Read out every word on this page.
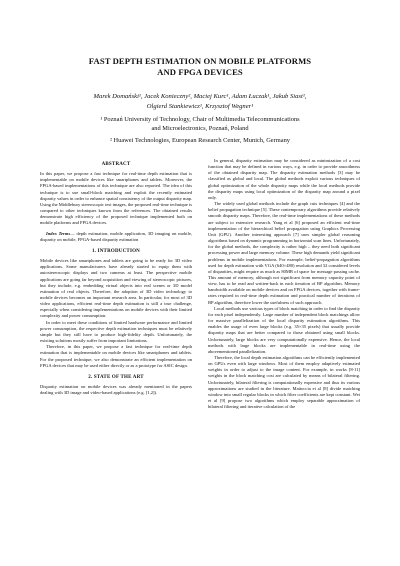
FAST DEPTH ESTIMATION ON MOBILE PLATFORMS
AND FPGA DEVICES
Marek Domański¹, Jacek Konieczny², Maciej Kurc¹, Adam Łuczak¹, Jakub Siast¹,
Olgierd Stankiewicz¹, Krzysztof Wegner¹
¹ Poznań University of Technology, Chair of Multimedia Telecommunications
and Microelectronics, Poznań, Poland
² Huawei Technologies, European Research Center, Munich, Germany
ABSTRACT

In this paper, we propose a fast technique for real-time depth estimation that is implementable on mobile devices like smartphones and tablets. Moreover, the FPGA-based implementations of this technique are also reported. The idea of this technique is to use small-block matching and exploit the recently estimated disparity values in order to enhance spatial consistency of the output disparity map. Using the Middlebury stereoscopic test images, the proposed real-time technique is compared to other techniques known from the references. The obtained results demonstrate high efficiency of the proposed technique implemented both on mobile platforms and FPGA devices.

Index Terms— depth estimation, mobile application, 3D imaging on mobile, disparity on mobile, FPGA-based disparity estimation

1. INTRODUCTION

Mobile devices like smartphones and tablets are going to be ready for 3D video applications. Some manufacturers have already started to equip them with autostereoscopic displays and two cameras at least. The perspective mobile applications are going far beyond acquisition and viewing of stereoscopic pictures, but they include, e.g. embedding virtual objects into real scenes or 3D model estimation of real objects. Therefore, the adoption of 3D video technology to mobile devices becomes an important research area. In particular, for most of 3D video applications, efficient real-time depth estimation is still a true challenge, especially when considering implementations on mobile devices with their limited complexity and power consumption.

In order to meet these conditions of limited hardware performance and limited power consumption, the respective depth estimation techniques must be relatively simple but they still have to produce high-fidelity depth. Unfortunately, the existing solutions mostly suffer from important limitations.

Therefore, in this paper, we propose a fast technique for real-time depth estimation that is implementable on mobile devices like smartphones and tablets. For the proposed technique, we also demonstrate an efficient implementation on FPGA devices that may be used either directly or as a prototype for ASIC design.

2. STATE OF THE ART

Disparity estimation on mobile devices was already mentioned in the papers dealing with 3D image and video-based applications (e.g. [1,2]).

In general, disparity estimation may be considered as minimization of a cost function that may be defined in various ways, e.g. in order to provide smoothness of the obtained disparity map. The disparity estimation methods [3] may be classified as global and local. The global methods exploit various techniques of global optimization of the whole disparity maps while the local methods provide the disparity maps using local optimization of the disparity map around a pixel only.

The widely used global methods include the graph cuts techniques [4] and the belief propagation technique [5]. These contemporary algorithms provide relatively smooth disparity maps. Therefore, the real-time implementations of these methods are subject to extensive research. Yang et al [6] proposed an efficient real-time implementation of the hierarchical belief propagation using Graphics Processing Unit (GPU). Another interesting approach [7] uses simpler global reasoning algorithms based on dynamic programming in horizontal scan lines. Unfortunately, for the global methods, the complexity is rather high – they need both significant processing power and large memory volume. These high demands yield significant problems in mobile implementations. For example, belief-propagation algorithms used for depth estimation with VGA (640×480) resolution and 32 considered levels of disparities, might require as much as 80MB of space for message passing cache. This amount of memory, although not significant from memory capacity point of view, has to be read and written-back in each iteration of BP algorithm. Memory bandwidth available on mobile devices and on FPGA devices, together with frame-rates required in real-time depth estimation and practical number of iterations of BP algorithm, therefore lower the usefulness of such approach.

Local methods use various types of block matching in order to find the disparity for each pixel independently. Large number of independent block matchings allow for massive parallelization of the local disparity estimation algorithms. This enables the usage of even large blocks (e.g. 35×35 pixels) that usually provide disparity maps that are better compared to those obtained using small blocks. Unfortunately, large blocks are very computationally expensive. Hence, the local methods with large blocks are implementable in real-time using the abovementioned parallelization.

Therefore, the local depth estimation algorithms can be efficiently implemented on GPUs even with large windows. Most of them employ adaptively estimated weights in order to adjust to the image content. For example, in works [8-11] weights in the block matching cost are calculated by means of bilateral filtering. Unfortunately, bilateral filtering is computationally expensive and thus its various approximations are studied in the literature. Mattoccia et al [8] divide matching window into small regular blocks in which filter coefficients are kept constant. Wei et al [9] propose two algorithms which employ separable approximation of bilateral filtering and iterative calculation of the
